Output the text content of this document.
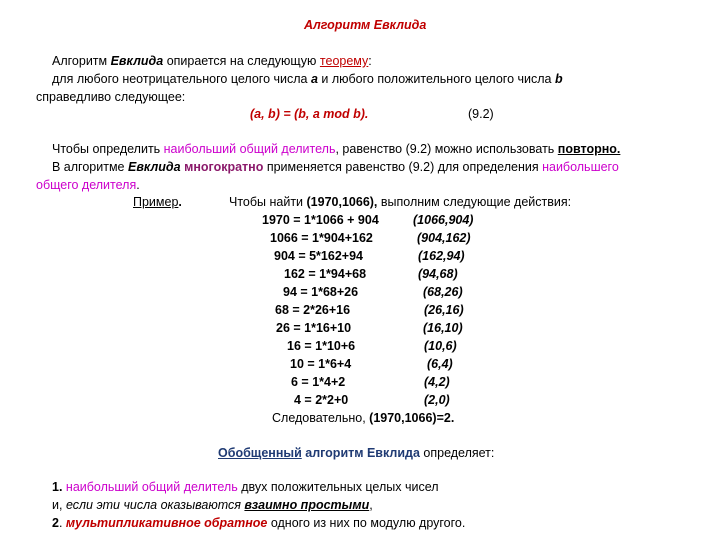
Алгоритм Евклида
Алгоритм Евклида опирается на следующую теорему:
для любого неотрицательного целого числа a и любого положительного целого числа b
справедливо следующее:
(a, b) = (b, a mod b).	(9.2)
Чтобы определить наибольший общий делитель, равенство (9.2) можно использовать повторно.
В алгоритме Евклида многократно применяется равенство (9.2) для определения наибольшего
общего делителя.
Пример.	Чтобы найти (1970,1066), выполним следующие действия:
1970 = 1*1066 + 904	(1066,904)
1066 = 1*904+162	(904,162)
904 = 5*162+94	(162,94)
162 = 1*94+68	(94,68)
94 = 1*68+26	(68,26)
68 = 2*26+16	(26,16)
26 = 1*16+10	(16,10)
16 = 1*10+6	(10,6)
10 = 1*6+4	(6,4)
6 = 1*4+2	(4,2)
4 = 2*2+0	(2,0)
Следовательно, (1970,1066)=2.
Обобщенный алгоритм Евклида определяет:
1. наибольший общий делитель двух положительных целых чисел
и, если эти числа оказываются взаимно простыми,
2. мультипликативное обратное одного из них по модулю другого.
